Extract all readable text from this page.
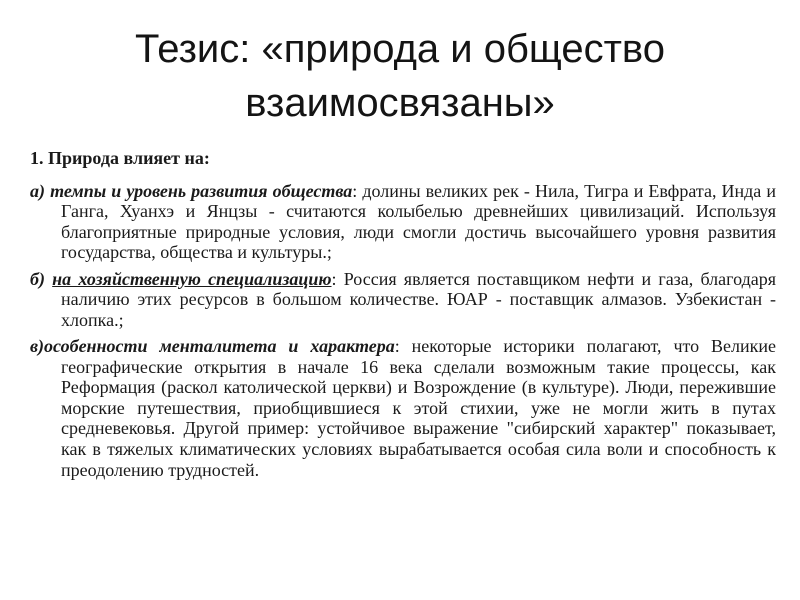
Тезис: «природа и общество взаимосвязаны»

1. Природа влияет на:

а) темпы и уровень развития общества: долины великих рек - Нила, Тигра и Евфрата, Инда и Ганга, Хуанхэ и Янцзы - считаются колыбелью древнейших цивилизаций. Используя благоприятные природные условия, люди смогли достичь высочайшего уровня развития государства, общества и культуры.;

б) на хозяйственную специализацию: Россия является поставщиком нефти и газа, благодаря наличию этих ресурсов в большом количестве. ЮАР - поставщик алмазов. Узбекистан - хлопка.;

в)особенности менталитета и характера: некоторые историки полагают, что Великие географические открытия в начале 16 века сделали возможным такие процессы, как Реформация (раскол католической церкви) и Возрождение (в культуре). Люди, пережившие морские путешествия, приобщившиеся к этой стихии, уже не могли жить в путах средневековья. Другой пример: устойчивое выражение "сибирский характер" показывает, как в тяжелых климатических условиях вырабатывается особая сила воли и способность к преодолению трудностей.
